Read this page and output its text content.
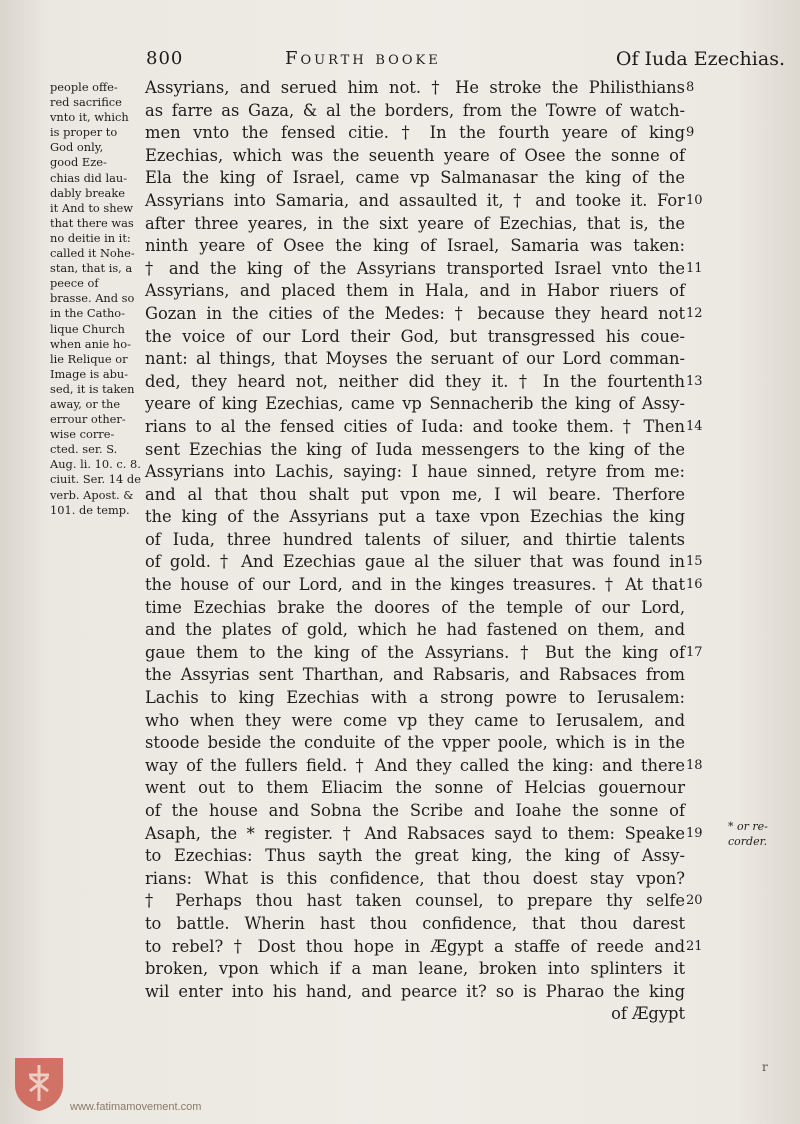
800	Fourth booke	Of Iuda Ezechias.
people offe-
red sacrifice
vnto it, which
is proper to
God only,
good Eze-
chias did lau-
dably breake
it And to shew
that there was
no deitie in it:
called it Nohe-
stan, that is, a
peece of
brasse. And so
in the Catho-
lique Church
when anie ho-
lie Relique or
Image is abu-
sed, it is taken
away, or the
errour other-
wise corre-
cted. ser. S.
Aug. li. 10. c. 8.
ciuit. Ser. 14 de
verb. Apost. &
101. de temp.
Assyrians, and serued him not. † He stroke the Philisthians
as farre as Gaza, & al the borders, from the Towre of watch-
men vnto the fensed citie. † In the fourth yeare of king
Ezechias, which was the seuenth yeare of Osee the sonne of
Ela the king of Israel, came vp Salmanasar the king of the
Assyrians into Samaria, and assaulted it, † and tooke it. For
after three yeares, in the sixt yeare of Ezechias, that is, the
ninth yeare of Osee the king of Israel, Samaria was taken:
† and the king of the Assyrians transported Israel vnto the
Assyrians, and placed them in Hala, and in Habor riuers of
Gozan in the cities of the Medes: † because they heard not
the voice of our Lord their God, but transgressed his coue-
nant: al things, that Moyses the seruant of our Lord comman-
ded, they heard not, neither did they it. † In the fourtenth
yeare of king Ezechias, came vp Sennacherib the king of Assy-
rians to al the fensed cities of Iuda: and tooke them. † Then
sent Ezechias the king of Iuda messengers to the king of the
Assyrians into Lachis, saying: I haue sinned, retyre from me:
and al that thou shalt put vpon me, I wil beare. Therfore
the king of the Assyrians put a taxe vpon Ezechias the king
of Iuda, three hundred talents of siluer, and thirtie talents
of gold. † And Ezechias gaue al the siluer that was found in
the house of our Lord, and in the kinges treasures. † At that
time Ezechias brake the doores of the temple of our Lord,
and the plates of gold, which he had fastened on them, and
gaue them to the king of the Assyrians. † But the king of
the Assyrias sent Tharthan, and Rabsaris, and Rabsaces from
Lachis to king Ezechias with a strong powre to Ierusalem:
who when they were come vp they came to Ierusalem, and
stoode beside the conduite of the vpper poole, which is in the
way of the fullers field. † And they called the king: and there
went out to them Eliacim the sonne of Helcias gouernour
of the house and Sobna the Scribe and Ioahe the sonne of
Asaph, the * register. † And Rabsaces sayd to them: Speake
to Ezechias: Thus sayth the great king, the king of Assy-
rians: What is this confidence, that thou doest stay vpon?
† Perhaps thou hast taken counsel, to prepare thy selfe
to battle. Wherin hast thou confidence, that thou darest
to rebel? † Dost thou hope in Ægypt a staffe of reede and
broken, vpon which if a man leane, broken into splinters it
wil enter into his hand, and pearce it? so is Pharao the king
of Ægypt
8
9
10
11
12
13
14
15
16
17
18
19
20
21
* or re-corder.
www.fatimamovement.com
r
